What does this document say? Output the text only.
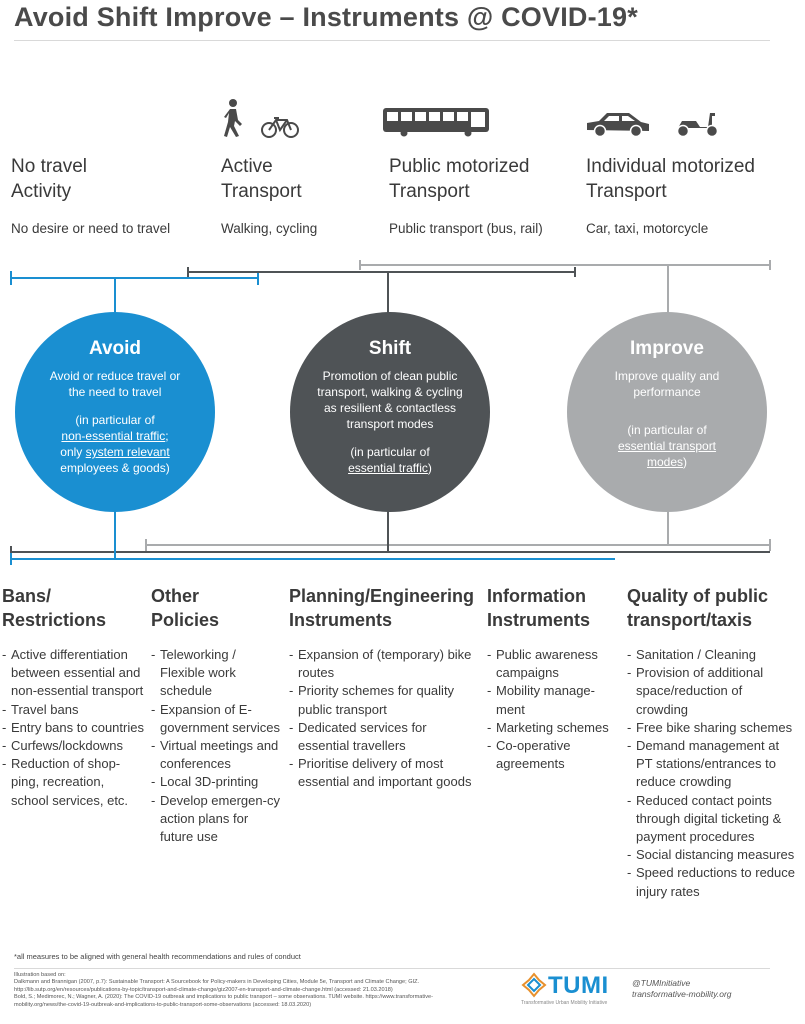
Avoid Shift Improve – Instruments @ COVID-19*
No travel
Activity
No desire or need to travel
Active
Transport
Walking, cycling
Public motorized
Transport
Public transport (bus, rail)
Individual motorized
Transport
Car, taxi, motorcycle
Avoid
Avoid or reduce travel or the need to travel
(in particular of
non-essential traffic;
only system relevant
employees & goods)
Shift
Promotion of clean public transport, walking & cycling as resilient & contactless transport modes
(in particular of
essential traffic)
Improve
Improve quality and performance
(in particular of
essential transport modes)
Bans/
Restrictions
- Active differentiation between essential and non-essential transport
- Travel bans
- Entry bans to countries
- Curfews/lockdowns
- Reduction of shop-ping, recreation, school services, etc.
Other
Policies
- Teleworking / Flexible work schedule
- Expansion of E-government services
- Virtual meetings and conferences
- Local 3D-printing
- Develop emergen-cy action plans for future use
Planning/Engineering
Instruments
- Expansion of (temporary) bike routes
- Priority schemes for quality public transport
- Dedicated services for essential travellers
- Prioritise delivery of most essential and important goods
Information
Instruments
- Public awareness campaigns
- Mobility manage-ment
- Marketing schemes
- Co-operative agreements
Quality of public
transport/taxis
- Sanitation / Cleaning
- Provision of additional space/reduction of crowding
- Free bike sharing schemes
- Demand management at PT stations/entrances to reduce crowding
- Reduced contact points through digital ticketing & payment procedures
- Social distancing measures
- Speed reductions to reduce injury rates
*all measures to be aligned with general health recommendations and rules of conduct
Illustration based on:
Dalkmann and Brannigan (2007, p.7): Sustainable Transport: A Sourcebook for Policy-makers in Developing Cities, Module 5e, Transport and Climate Change; GIZ. http://lib.sutp.org/en/resources/publications-by-topic/transport-and-climate-change/giz2007-en-transport-and-climate-change.html (accessed: 21.03.2018)
Bold, S.; Medimorec, N.; Wagner, A. (2020): The COVID-19 outbreak and implications to public transport – some observations. TUMI website. https://www.transformative-mobility.org/news/the-covid-19-outbreak-and-implications-to-public-transport-some-observations (accessed: 18.03.2020)
TUMI
Transformative Urban Mobility Initiative
@TUMInitiative
transformative-mobility.org
